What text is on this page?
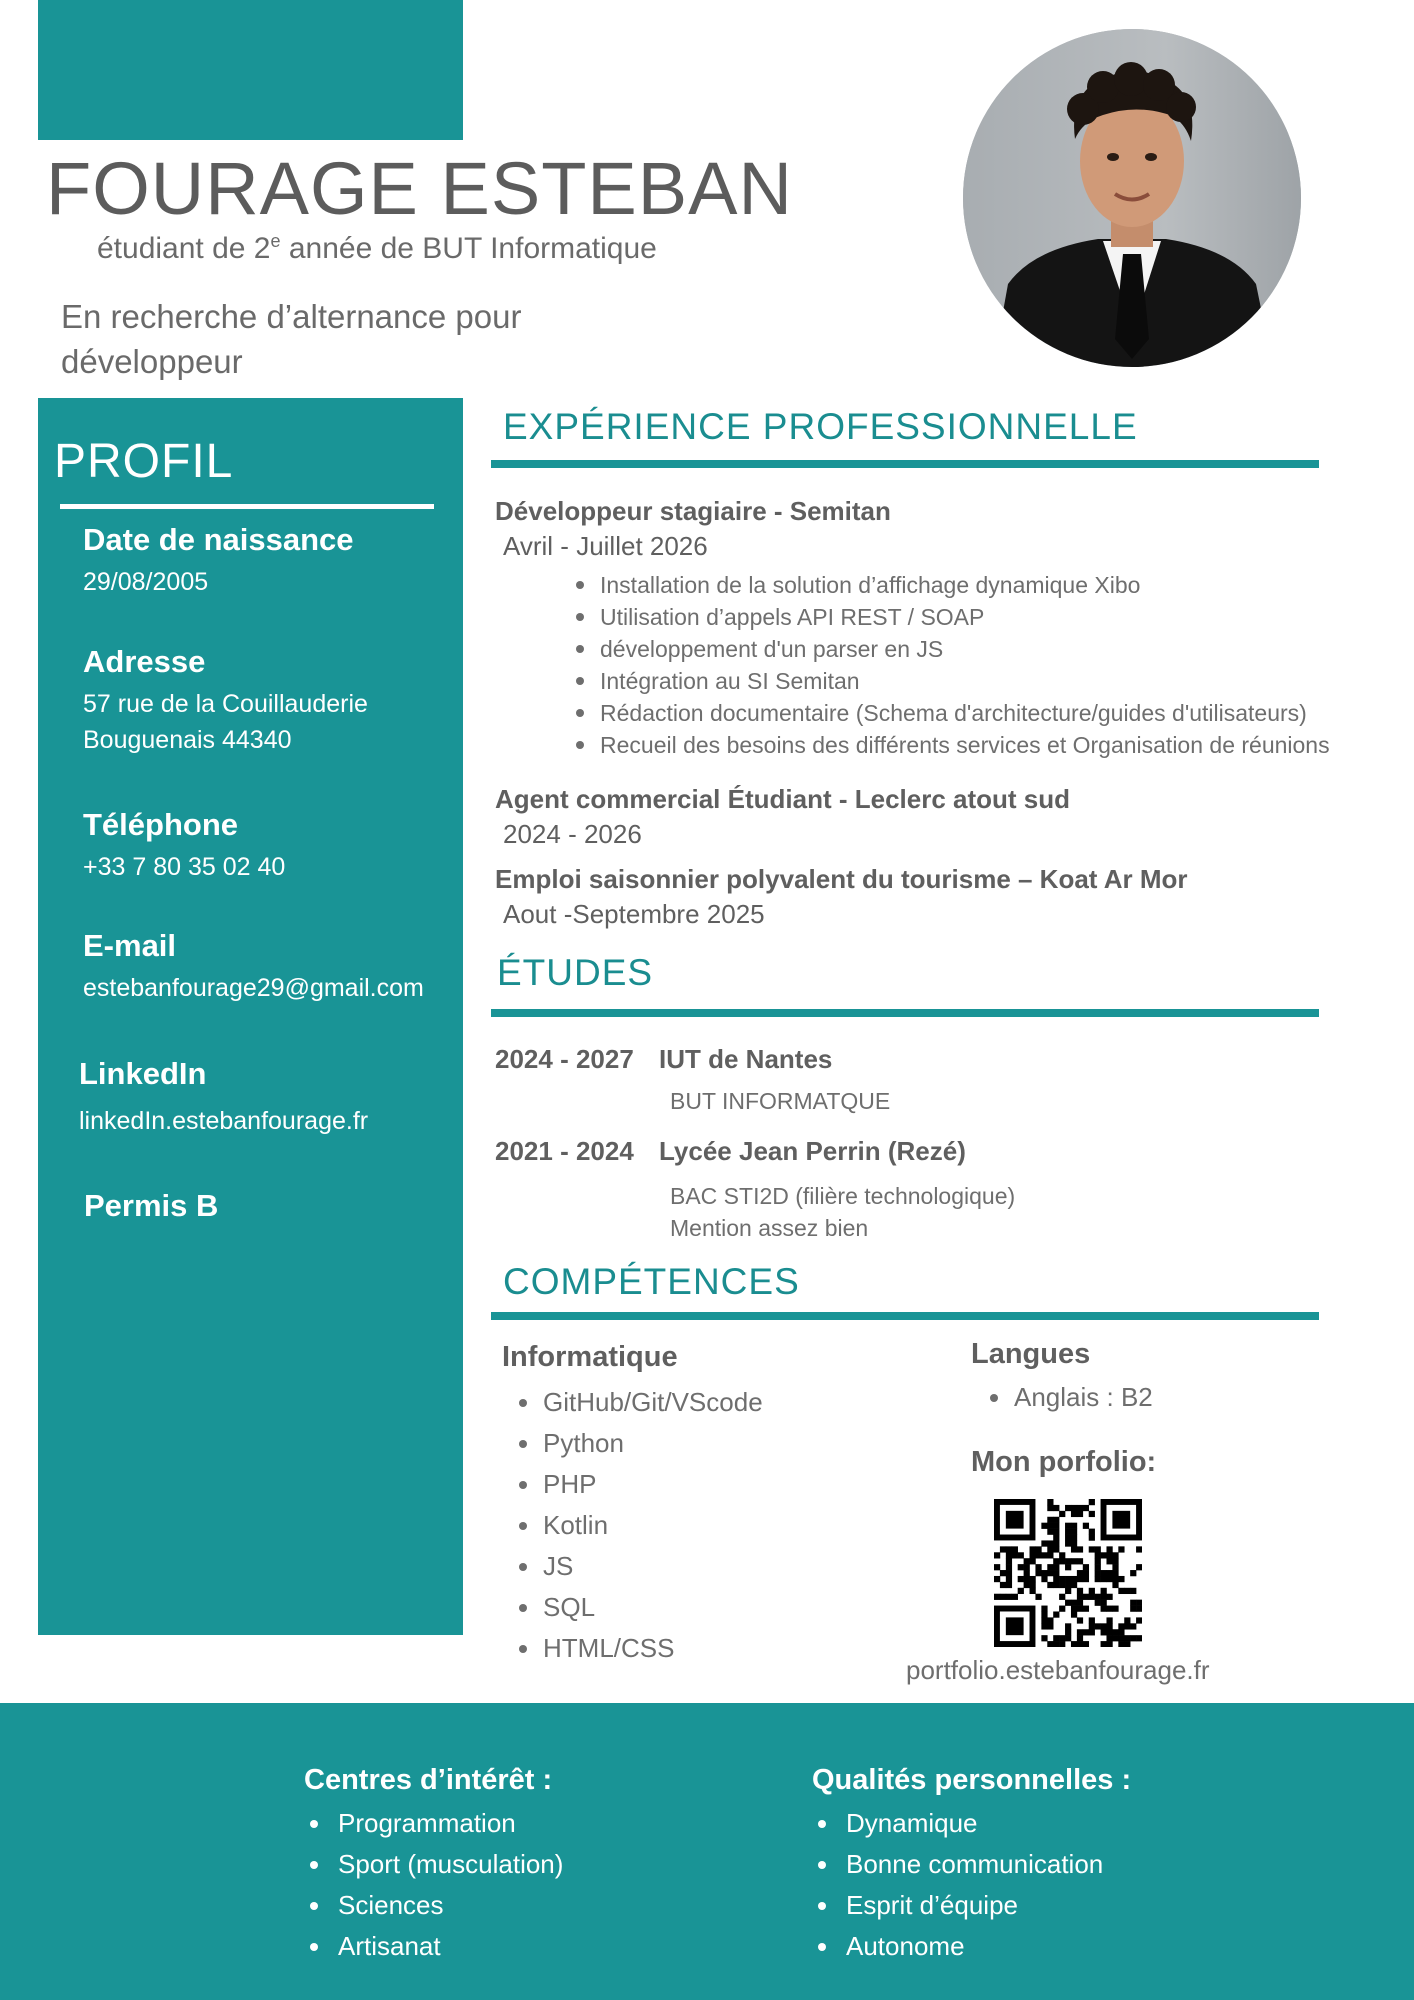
FOURAGE ESTEBAN
étudiant de 2e année de BUT Informatique
En recherche d’alternance pour développeur
PROFIL
Date de naissance
29/08/2005
Adresse
57 rue de la Couillauderie
Bouguenais 44340
Téléphone
+33 7 80 35 02 40
E-mail
estebanfourage29@gmail.com
LinkedIn
linkedIn.estebanfourage.fr
Permis B
EXPÉRIENCE PROFESSIONNELLE
Développeur stagiaire - Semitan
Avril - Juillet 2026
Installation de la solution d’affichage dynamique Xibo
Utilisation d’appels API REST / SOAP
développement d'un parser en JS
Intégration au SI Semitan
Rédaction documentaire (Schema d'architecture/guides d'utilisateurs)
Recueil des besoins des différents services et Organisation de réunions
Agent commercial Étudiant - Leclerc atout sud
2024 - 2026
Emploi saisonnier polyvalent du tourisme – Koat Ar Mor
Aout -Septembre 2025
ÉTUDES
2024 - 2027 IUT de Nantes
BUT INFORMATQUE
2021 - 2024 Lycée Jean Perrin (Rezé)
BAC STI2D (filière technologique)
Mention assez bien
COMPÉTENCES
Informatique
GitHub/Git/VScode
Python
PHP
Kotlin
JS
SQL
HTML/CSS
Langues
Anglais : B2
Mon porfolio:
portfolio.estebanfourage.fr
Centres d’intérêt :
Programmation
Sport (musculation)
Sciences
Artisanat
Qualités personnelles :
Dynamique
Bonne communication
Esprit d’équipe
Autonome
